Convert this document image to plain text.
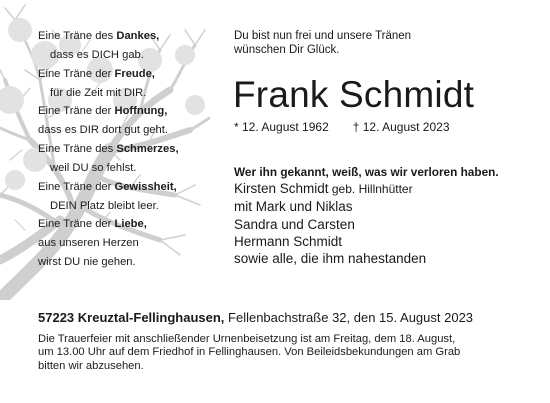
Eine Träne des Dankes,
dass es DICH gab.
Eine Träne der Freude,
für die Zeit mit DIR.
Eine Träne der Hoffnung,
dass es DIR dort gut geht.
Eine Träne des Schmerzes,
weil DU so fehlst.
Eine Träne der Gewissheit,
DEIN Platz bleibt leer.
Eine Träne der Liebe,
aus unseren Herzen
wirst DU nie gehen.
Du bist nun frei und unsere Tränen
wünschen Dir Glück.
Frank Schmidt
* 12. August 1962 † 12. August 2023
Wer ihn gekannt, weiß, was wir verloren haben.
Kirsten Schmidt geb. Hillnhütter
mit Mark und Niklas
Sandra und Carsten
Hermann Schmidt
sowie alle, die ihm nahestanden
57223 Kreuztal-Fellinghausen, Fellenbachstraße 32, den 15. August 2023
Die Trauerfeier mit anschließender Urnenbeisetzung ist am Freitag, dem 18. August,
um 13.00 Uhr auf dem Friedhof in Fellinghausen. Von Beileidsbekundungen am Grab
bitten wir abzusehen.
